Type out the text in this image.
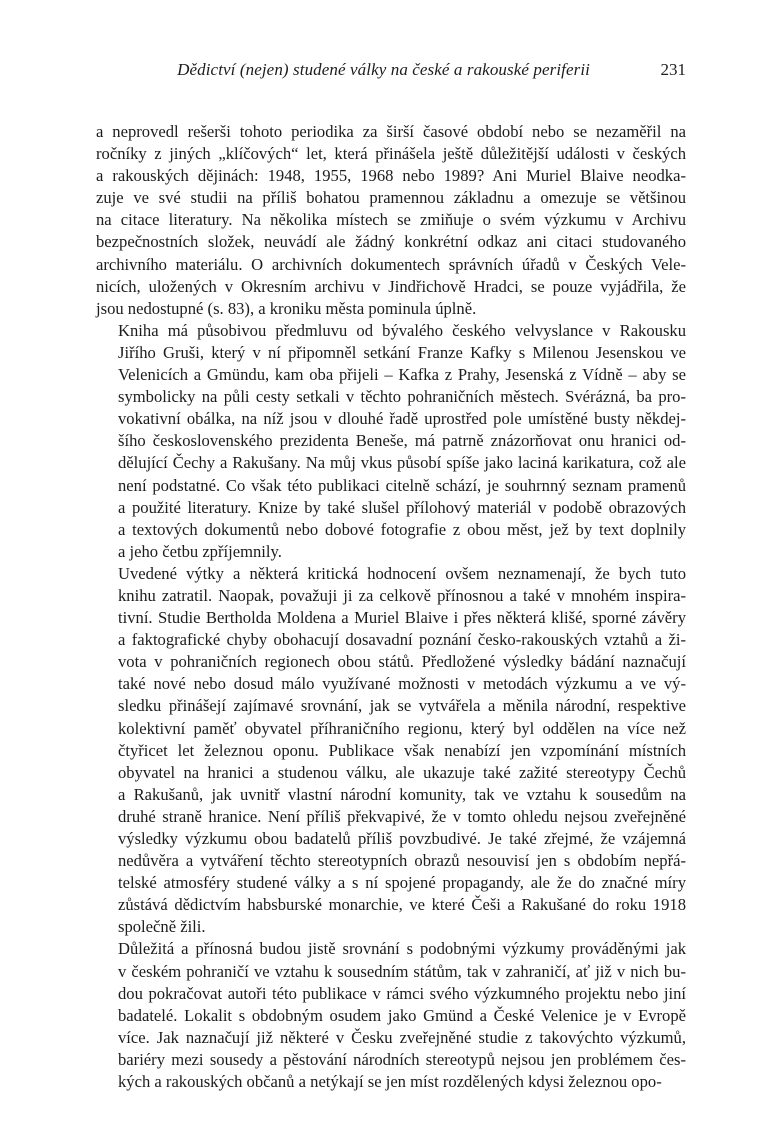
Dědictví (nejen) studené války na české a rakouské periferii	231

a neprovedl rešerši tohoto periodika za širší časové období nebo se nezaměřil na
ročníky z jiných „klíčových“ let, která přinášela ještě důležitější události v českých
a rakouských dějinách: 1948, 1955, 1968 nebo 1989? Ani Muriel Blaive neodka-
zuje ve své studii na příliš bohatou pramennou základnu a omezuje se většinou
na citace literatury. Na několika místech se zmiňuje o svém výzkumu v Archivu
bezpečnostních složek, neuvádí ale žádný konkrétní odkaz ani citaci studovaného
archivního materiálu. O archivních dokumentech správních úřadů v Českých Vele-
nicích, uložených v Okresním archivu v Jindřichově Hradci, se pouze vyjádřila, že
jsou nedostupné (s. 83), a kroniku města pominula úplně.

Kniha má působivou předmluvu od bývalého českého velvyslance v Rakousku
Jiřího Gruši, který v ní připomněl setkání Franze Kafky s Milenou Jesenskou ve
Velenicích a Gmündu, kam oba přijeli – Kafka z Prahy, Jesenská z Vídně – aby se
symbolicky na půli cesty setkali v těchto pohraničních městech. Svérázná, ba pro-
vokativní obálka, na níž jsou v dlouhé řadě uprostřed pole umístěné busty někdej-
šího československého prezidenta Beneše, má patrně znázorňovat onu hranici od-
dělující Čechy a Rakušany. Na můj vkus působí spíše jako laciná karikatura, což ale
není podstatné. Co však této publikaci citelně schází, je souhrnný seznam pramenů
a použité literatury. Knize by také slušel přílohový materiál v podobě obrazových
a textových dokumentů nebo dobové fotografie z obou měst, jež by text doplnily
a jeho četbu zpříjemnily.

Uvedené výtky a některá kritická hodnocení ovšem neznamenají, že bych tuto
knihu zatratil. Naopak, považuji ji za celkově přínosnou a také v mnohém inspira-
tivní. Studie Bertholda Moldena a Muriel Blaive i přes některá klišé, sporné závěry
a faktografické chyby obohacují dosavadní poznání česko-rakouských vztahů a ži-
vota v pohraničních regionech obou států. Předložené výsledky bádání naznačují
také nové nebo dosud málo využívané možnosti v metodách výzkumu a ve vý-
sledku přinášejí zajímavé srovnání, jak se vytvářela a měnila národní, respektive
kolektivní paměť obyvatel příhraničního regionu, který byl oddělen na více než
čtyřicet let železnou oponu. Publikace však nenabízí jen vzpomínání místních
obyvatel na hranici a studenou válku, ale ukazuje také zažité stereotypy Čechů
a Rakušanů, jak uvnitř vlastní národní komunity, tak ve vztahu k sousedům na
druhé straně hranice. Není příliš překvapivé, že v tomto ohledu nejsou zveřejněné
výsledky výzkumu obou badatelů příliš povzbudivé. Je také zřejmé, že vzájemná
nedůvěra a vytváření těchto stereotypních obrazů nesouvisí jen s obdobím nepřá-
telské atmosféry studené války a s ní spojené propagandy, ale že do značné míry
zůstává dědictvím habsburské monarchie, ve které Češi a Rakušané do roku 1918
společně žili.

Důležitá a přínosná budou jistě srovnání s podobnými výzkumy prováděnými jak
v českém pohraničí ve vztahu k sousedním státům, tak v zahraničí, ať již v nich bu-
dou pokračovat autoři této publikace v rámci svého výzkumného projektu nebo jiní
badatelé. Lokalit s obdobným osudem jako Gmünd a České Velenice je v Evropě
více. Jak naznačují již některé v Česku zveřejněné studie z takovýchto výzkumů,
bariéry mezi sousedy a pěstování národních stereotypů nejsou jen problémem čes-
kých a rakouských občanů a netýkají se jen míst rozdělených kdysi železnou opo-
